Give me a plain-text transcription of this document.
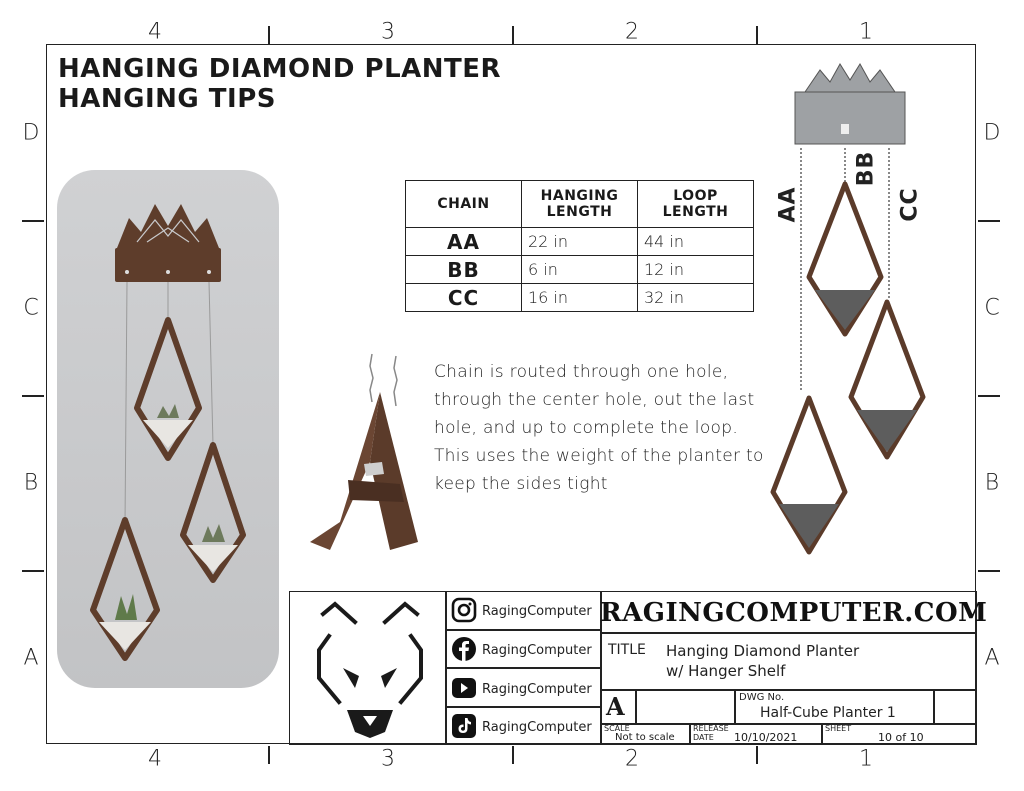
4	3	2	1
4	3	2	1
D
C
B
A
D
C
B
A
HANGING DIAMOND PLANTER
HANGING TIPS
CHAIN	HANGING LENGTH	LOOP LENGTH
AA	22 in	44 in
BB	6 in	12 in
CC	16 in	32 in
Chain is routed through one hole, through the center hole, out the last hole, and up to complete the loop. This uses the weight of the planter to keep the sides tight
AA
BB
CC
RagingComputer
RagingComputer
RagingComputer
RagingComputer
RAGINGCOMPUTER.COM
TITLE Hanging Diamond Planter
w/ Hanger Shelf
A	DWG No.
Half-Cube Planter 1
SCALE
Not to scale
RELEASE
DATE 10/10/2021
SHEET
10 of 10
